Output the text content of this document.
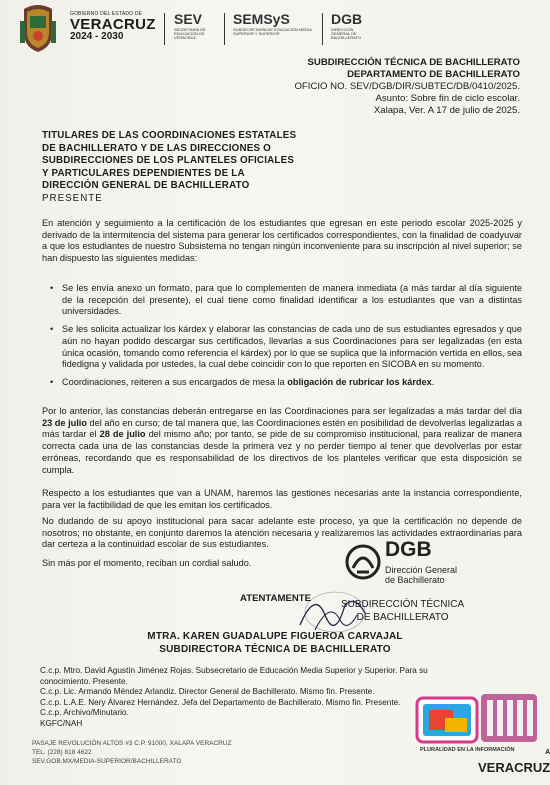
GOBIERNO DEL ESTADO DE
VERACRUZ
2024 - 2030
SEV
SECRETARÍA DE EDUCACIÓN DE VERACRUZ
SEMSyS
SUBSECRETARÍA DE EDUCACIÓN MEDIA SUPERIOR Y SUPERIOR
DGB
DIRECCIÓN GENERAL DE BACHILLERATO
SUBDIRECCIÓN TÉCNICA DE BACHILLERATO
DEPARTAMENTO DE BACHILLERATO
OFICIO NO. SEV/DGB/DIR/SUBTEC/DB/0410/2025.
Asunto: Sobre fin de ciclo escolar.
Xalapa, Ver. A 17 de julio de 2025.
TITULARES DE LAS COORDINACIONES ESTATALES
DE BACHILLERATO Y DE LAS DIRECCIONES O
SUBDIRECCIONES DE LOS PLANTELES OFICIALES
Y PARTICULARES DEPENDIENTES DE LA
DIRECCIÓN GENERAL DE BACHILLERATO
PRESENTE
En atención y seguimiento a la certificación de los estudiantes que egresan en este periodo escolar 2025-2025 y derivado de la intermitencia del sistema para generar los certificados correspondientes, con la finalidad de coadyuvar a que los estudiantes de nuestro Subsistema no tengan ningún inconveniente para su inscripción al nivel superior; se han dispuesto las siguientes medidas:
• Se les envía anexo un formato, para que lo complementen de manera inmediata (a más tardar al día siguiente de la recepción del presente), el cual tiene como finalidad identificar a los estudiantes que van a distintas universidades.
• Se les solicita actualizar los kárdex y elaborar las constancias de cada uno de sus estudiantes egresados y que aún no hayan podido descargar sus certificados, llevarlas a sus Coordinaciones para ser legalizadas (en esta única ocasión, tomando como referencia el kárdex) por lo que se suplica que la información vertida en ellos, sea fidedigna y validada por ustedes, la cual debe coincidir con lo que reporten en SICOBA en su momento.
• Coordinaciones, reiteren a sus encargados de mesa la obligación de rubricar los kárdex.
Por lo anterior, las constancias deberán entregarse en las Coordinaciones para ser legalizadas a más tardar del día 23 de julio del año en curso; de tal manera que, las Coordinaciones estén en posibilidad de devolverlas legalizadas a más tardar el 28 de julio del mismo año; por tanto, se pide de su compromiso institucional, para realizar de manera correcta cada una de las constancias desde la primera vez y no perder tiempo al tener que devolverlas por estar erróneas, recordando que es responsabilidad de los directivos de los planteles verificar que esta disposición se cumpla.
Respecto a los estudiantes que van a UNAM, haremos las gestiones necesarias ante la instancia correspondiente, para ver la factibilidad de que les emitan los certificados.
No dudando de su apoyo institucional para sacar adelante este proceso, ya que la certificación no depende de nosotros; no obstante, en conjunto daremos la atención necesaria y realizaremos las actividades extraordinarias para dar certeza a la continuidad escolar de sus estudiantes.
Sin más por el momento, reciban un cordial saludo.
DGB
Dirección General
de Bachillerato
ATENTAMENTE
SUBDIRECCIÓN TÉCNICA
DE BACHILLERATO
MTRA. KAREN GUADALUPE FIGUEROA CARVAJAL
SUBDIRECTORA TÉCNICA DE BACHILLERATO
C.c.p. Mtro. David Agustín Jiménez Rojas. Subsecretario de Educación Media Superior y Superior. Para su conocimiento. Presente.
C.c.p. Lic. Armando Méndez Arlandiz. Director General de Bachillerato. Mismo fin. Presente.
C.c.p. L.A.E. Nery Álvarez Hernández. Jefa del Departamento de Bachillerato. Mismo fin. Presente.
C.c.p. Archivo/Minutario.
KGFC/NAH
PASAJE REVOLUCIÓN ALTOS #3 C.P. 91000, XALAPA VERACRUZ
TEL. (228) 818 4622
SEV.GOB.MX/MEDIA-SUPERIOR/BACHILLERATO
PLURALIDAD EN LA INFORMACIÓN	A
VERACRUZ
